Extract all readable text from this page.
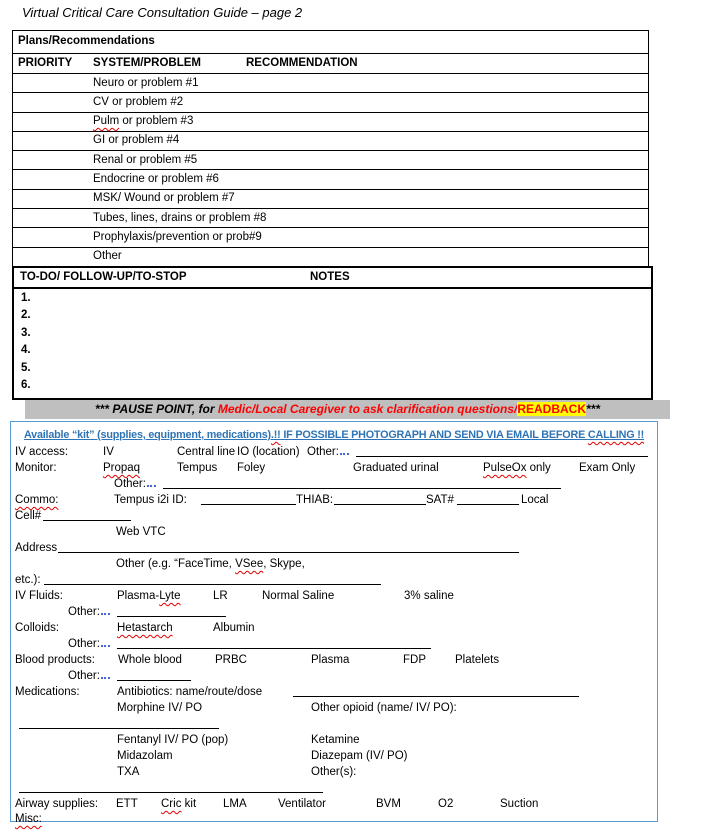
Virtual Critical Care Consultation Guide – page 2
Plans/Recommendations
PRIORITY SYSTEM/PROBLEM	RECOMMENDATION
Neuro or problem #1
CV or problem #2
Pulm or problem #3
GI or problem #4
Renal or problem #5
Endocrine or problem #6
MSK/ Wound or problem #7
Tubes, lines, drains or problem #8
Prophylaxis/prevention or prob#9
Other
TO-DO/ FOLLOW-UP/TO-STOP	NOTES
1.
2.
3.
4.
5.
6.
*** PAUSE POINT, for Medic/Local Caregiver to ask clarification questions/READBACK***
Available “kit” (supplies, equipment, medications).!! IF POSSIBLE PHOTOGRAPH AND SEND VIA EMAIL BEFORE CALLING !!
IV access:	IV	Central line IO (location) Other:
Monitor:	Propaq	Tempus Foley	Graduated urinal	PulseOx only Exam Only
Other:
Commo:	Tempus i2i ID:	THIAB:	SAT#	Local
Cell#
Web VTC
Address
Other (e.g. “FaceTime, VSee, Skype,
etc.):
IV Fluids:	Plasma-Lyte	LR	Normal Saline	3% saline
Other:
Colloids:	Hetastarch	Albumin
Other:
Blood products: Whole blood	PRBC	Plasma	FDP	Platelets
Other:
Medications:	Antibiotics: name/route/dose
Morphine IV/ PO	Other opioid (name/ IV/ PO):
Fentanyl IV/ PO (pop)	Ketamine
Midazolam	Diazepam (IV/ PO)
TXA	Other(s):
Airway supplies: ETT Cric kit LMA	Ventilator	BVM	O2	Suction
Misc:
